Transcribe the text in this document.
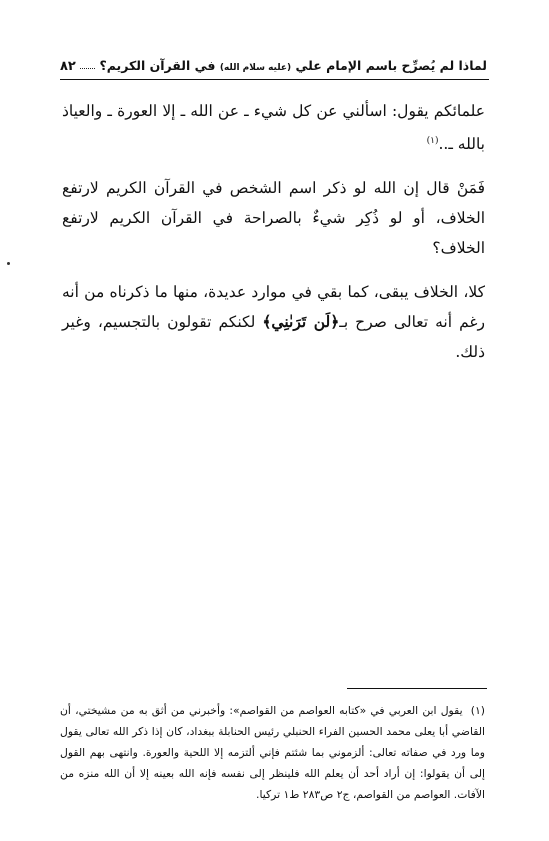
٨٢	لماذا لم يُصرِّح باسم الإمام علي (عليه سلام الله) في القرآن الكريم؟

علمائكم يقول: اسألني عن كل شيء ـ عن الله ـ إلا العورة ـ والعياذ بالله ـ..$^{(١)}$

فَمَنْ قال إن الله لو ذكر اسم الشخص في القرآن الكريم لارتفع الخلاف، أو لو ذُكِر شيءٌ بالصراحة في القرآن الكريم لارتفع الخلاف؟

كلا، الخلاف يبقى، كما بقي في موارد عديدة، منها ما ذكرناه من أنه رغم أنه تعالى صرح بـ﴿لَن تَرَىٰنِي﴾ لكنكم تقولون بالتجسيم، وغير ذلك.

(١) يقول ابن العربي في «كتابه العواصم من القواصم»: وأخبرني من أثق به من مشيختي، أن القاضي أبا يعلى محمد الحسين الفراء الحنبلي رئيس الحنابلة ببغداد، كان إذا ذكر الله تعالى يقول وما ورد في صفاته تعالى: ألزموني بما شئتم فإني ألتزمه إلا اللحية والعورة. وانتهى بهم القول إلى أن يقولوا: إن أراد أحد أن يعلم الله فلينظر إلى نفسه فإنه الله بعينه إلا أن الله منزه من الآفات. العواصم من القواصم، ج٢ ص٢٨٣ ط١ تركيا.
